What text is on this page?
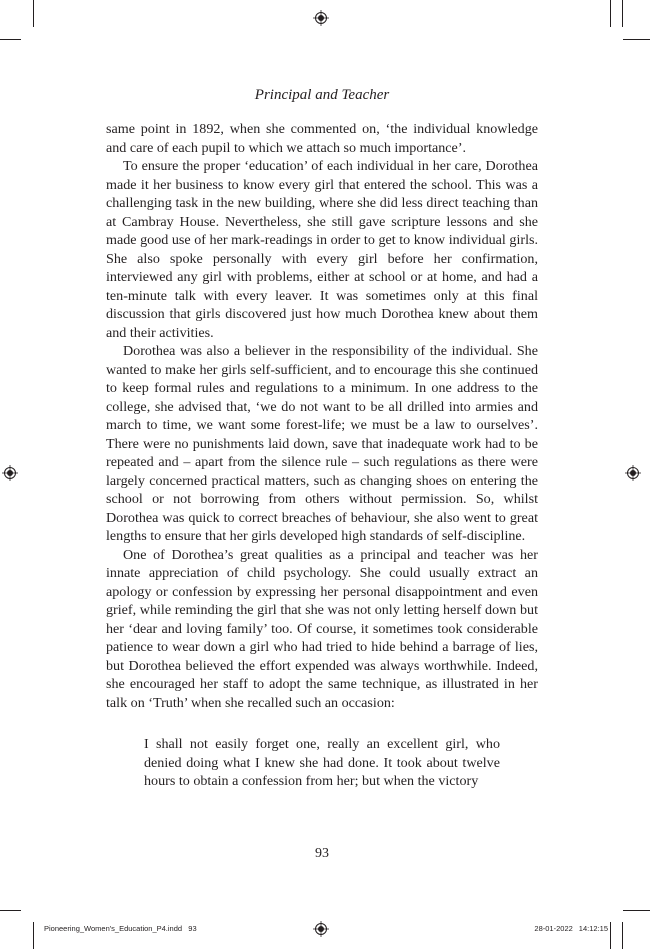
Principal and Teacher

same point in 1892, when she commented on, ‘the individual knowledge and care of each pupil to which we attach so much importance’.

To ensure the proper ‘education’ of each individual in her care, Dorothea made it her business to know every girl that entered the school. This was a challenging task in the new building, where she did less direct teaching than at Cambray House. Nevertheless, she still gave scripture lessons and she made good use of her mark-readings in order to get to know individual girls. She also spoke personally with every girl before her confirmation, interviewed any girl with problems, either at school or at home, and had a ten-minute talk with every leaver. It was sometimes only at this final discussion that girls discovered just how much Dorothea knew about them and their activities.

Dorothea was also a believer in the responsibility of the individual. She wanted to make her girls self-sufficient, and to encourage this she continued to keep formal rules and regulations to a minimum. In one address to the college, she advised that, ‘we do not want to be all drilled into armies and march to time, we want some forest-life; we must be a law to ourselves’. There were no punishments laid down, save that inadequate work had to be repeated and – apart from the silence rule – such regulations as there were largely concerned practical matters, such as changing shoes on entering the school or not borrowing from others without permission. So, whilst Dorothea was quick to correct breaches of behaviour, she also went to great lengths to ensure that her girls developed high standards of self-discipline.

One of Dorothea’s great qualities as a principal and teacher was her innate appreciation of child psychology. She could usually extract an apology or confession by expressing her personal disappointment and even grief, while reminding the girl that she was not only letting herself down but her ‘dear and loving family’ too. Of course, it sometimes took considerable patience to wear down a girl who had tried to hide behind a barrage of lies, but Dorothea believed the effort expended was always worthwhile. Indeed, she encouraged her staff to adopt the same technique, as illustrated in her talk on ‘Truth’ when she recalled such an occasion:

I shall not easily forget one, really an excellent girl, who denied doing what I knew she had done. It took about twelve hours to obtain a confession from her; but when the victory

93
Pioneering_Women's_Education_P4.indd   93	28-01-2022 14:12:15
